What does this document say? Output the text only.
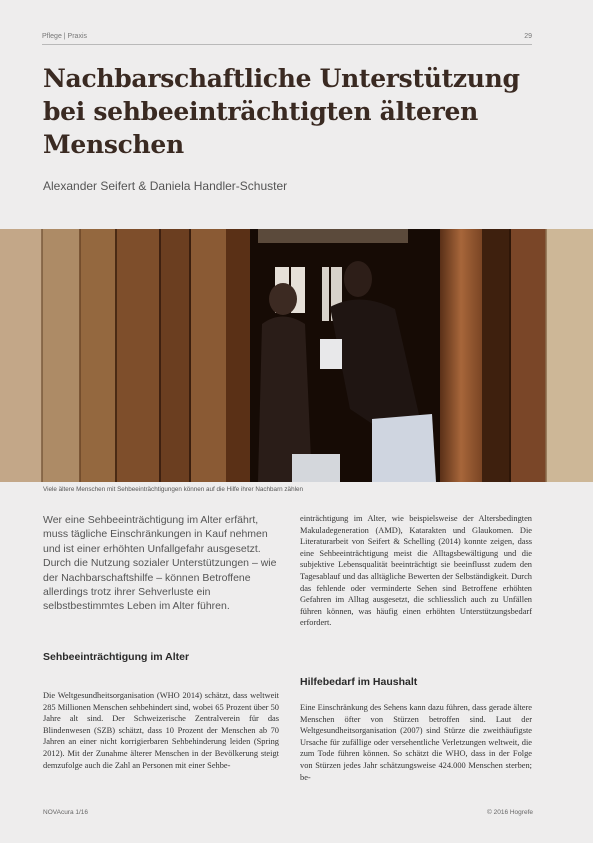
Pflege | Praxis	29
Nachbarschaftliche Unterstützung bei sehbeeinträchtigten älteren Menschen
Alexander Seifert & Daniela Handler-Schuster
Viele ältere Menschen mit Sehbeeinträchtigungen können auf die Hilfe ihrer Nachbarn zählen

Wer eine Sehbeeinträchtigung im Alter erfährt, muss tägliche Einschränkungen in Kauf nehmen und ist einer erhöhten Unfallgefahr ausgesetzt. Durch die Nutzung sozialer Unterstützungen – wie der Nachbarschaftshilfe – können Betroffene allerdings trotz ihrer Sehverluste ein selbstbestimmtes Leben im Alter führen.

Sehbeeinträchtigung im Alter

Die Weltgesundheitsorganisation (WHO 2014) schätzt, dass weltweit 285 Millionen Menschen sehbehindert sind, wobei 65 Prozent über 50 Jahre alt sind. Der Schweizerische Zentralverein für das Blindenwesen (SZB) schätzt, dass 10 Prozent der Menschen ab 70 Jahren an einer nicht korrigierbaren Sehbehinderung leiden (Spring 2012). Mit der Zunahme älterer Menschen in der Bevölkerung steigt demzufolge auch die Zahl an Personen mit einer Sehbe-

einträchtigung im Alter, wie beispielsweise der Altersbedingten Makuladegeneration (AMD), Katarakten und Glaukomen. Die Literaturarbeit von Seifert & Schelling (2014) konnte zeigen, dass eine Sehbeeinträchtigung meist die Alltagsbewältigung und die subjektive Lebensqualität beeinträchtigt sie beeinflusst zudem den Tagesablauf und das alltägliche Bewerten der Selbständigkeit. Durch das fehlende oder verminderte Sehen sind Betroffene erhöhten Gefahren im Alltag ausgesetzt, die schliesslich auch zu Unfällen führen können, was häufig einen erhöhten Unterstützungsbedarf erfordert.

Hilfebedarf im Haushalt

Eine Einschränkung des Sehens kann dazu führen, dass gerade ältere Menschen öfter von Stürzen betroffen sind. Laut der Weltgesundheitsorganisation (2007) sind Stürze die zweithäufigste Ursache für zufällige oder versehentliche Verletzungen weltweit, die zum Tode führen können. So schätzt die WHO, dass in der Folge von Stürzen jedes Jahr schätzungsweise 424.000 Menschen sterben; be-

NOVAcura 1/16	© 2016 Hogrefe
